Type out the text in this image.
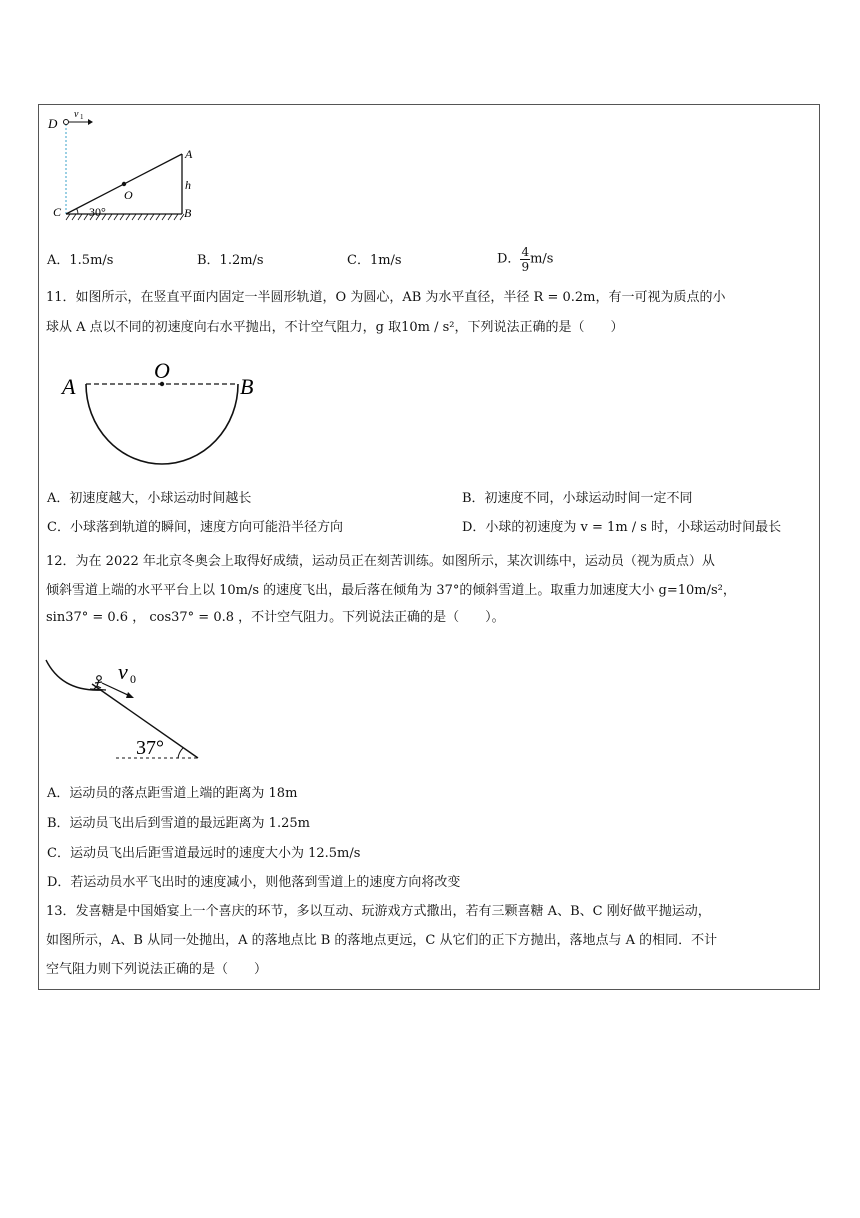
D
v 1
A
h
B
C
O
30°
A．1.5m/s	B．1.2m/s	C．1m/s	D． $\frac{4}{9} m/s$
11．如图所示，在竖直平面内固定一半圆形轨道，O 为圆心，AB 为水平直径，半径 R = 0.2m，有一可视为质点的小
球从 A 点以不同的初速度向右水平抛出，不计空气阻力，g 取10m / s²，下列说法正确的是（　　）
A
O
B
A．初速度越大，小球运动时间越长	B．初速度不同，小球运动时间一定不同
C．小球落到轨道的瞬间，速度方向可能沿半径方向	D．小球的初速度为 v = 1m / s 时，小球运动时间最长
12．为在 2022 年北京冬奥会上取得好成绩，运动员正在刻苦训练。如图所示，某次训练中，运动员（视为质点）从
倾斜雪道上端的水平平台上以 10m/s 的速度飞出，最后落在倾角为 37°的倾斜雪道上。取重力加速度大小 g=10m/s²，
sin37° = 0.6 ， cos37° = 0.8 ，不计空气阻力。下列说法正确的是（　　）。
v 0
37°
A．运动员的落点距雪道上端的距离为 18m
B．运动员飞出后到雪道的最远距离为 1.25m
C．运动员飞出后距雪道最远时的速度大小为 12.5m/s
D．若运动员水平飞出时的速度减小，则他落到雪道上的速度方向将改变
13．发喜糖是中国婚宴上一个喜庆的环节，多以互动、玩游戏方式撒出，若有三颗喜糖 A、B、C 刚好做平抛运动，
如图所示，A、B 从同一处抛出，A 的落地点比 B 的落地点更远，C 从它们的正下方抛出，落地点与 A 的相同．不计
空气阻力则下列说法正确的是（　　）
